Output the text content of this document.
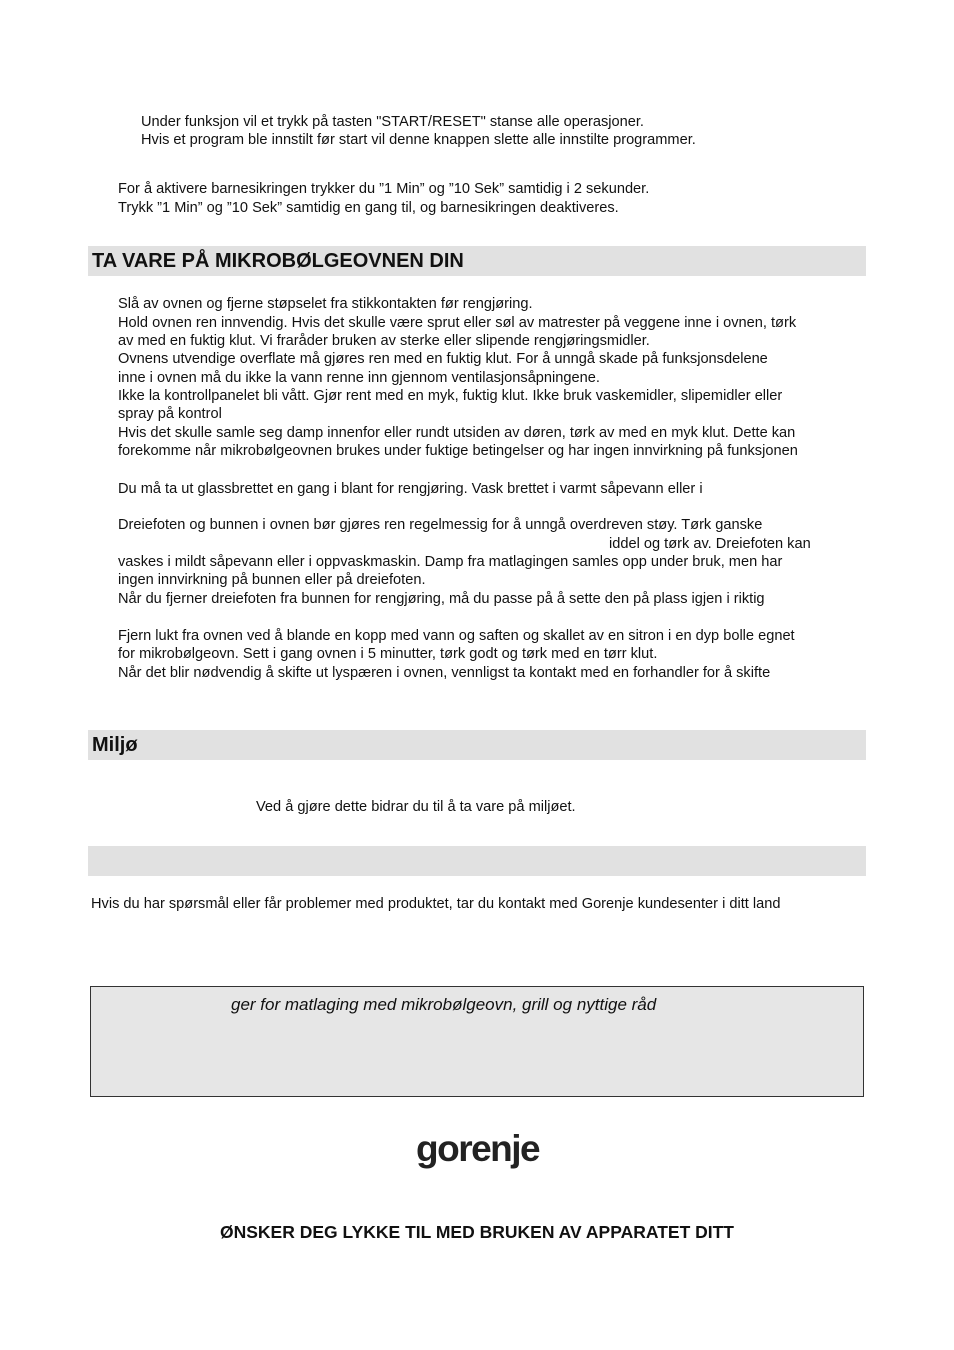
Under funksjon vil et trykk på tasten "START/RESET" stanse alle operasjoner.
Hvis et program ble innstilt før start vil denne knappen slette alle innstilte programmer.
For å aktivere barnesikringen trykker du ”1 Min” og ”10 Sek” samtidig i 2 sekunder.
Trykk ”1 Min” og ”10 Sek” samtidig en gang til, og barnesikringen deaktiveres.
TA VARE PÅ MIKROBØLGEOVNEN DIN
Slå av ovnen og fjerne støpselet fra stikkontakten før rengjøring.
Hold ovnen ren innvendig. Hvis det skulle være sprut eller søl av matrester på veggene inne i ovnen, tørk
av med en fuktig klut. Vi fraråder bruken av sterke eller slipende rengjøringsmidler.
Ovnens utvendige overflate må gjøres ren med en fuktig klut. For å unngå skade på funksjonsdelene
inne i ovnen må du ikke la vann renne inn gjennom ventilasjonsåpningene.
Ikke la kontrollpanelet bli vått. Gjør rent med en myk, fuktig klut. Ikke bruk vaskemidler, slipemidler eller
spray på kontrol
Hvis det skulle samle seg damp innenfor eller rundt utsiden av døren, tørk av med en myk klut. Dette kan
forekomme når mikrobølgeovnen brukes under fuktige betingelser og har ingen innvirkning på funksjonen
Du må ta ut glassbrettet en gang i blant for rengjøring. Vask brettet i varmt såpevann eller i
Dreiefoten og bunnen i ovnen bør gjøres ren regelmessig for å unngå overdreven støy. Tørk ganske
iddel og tørk av. Dreiefoten kan
vaskes i mildt såpevann eller i oppvaskmaskin. Damp fra matlagingen samles opp under bruk, men har
ingen innvirkning på bunnen eller på dreiefoten.
Når du fjerner dreiefoten fra bunnen for rengjøring, må du passe på å sette den på plass igjen i riktig
Fjern lukt fra ovnen ved å blande en kopp med vann og saften og skallet av en sitron i en dyp bolle egnet
for mikrobølgeovn. Sett i gang ovnen i 5 minutter, tørk godt og tørk med en tørr klut.
Når det blir nødvendig å skifte ut lyspæren i ovnen, vennligst ta kontakt med en forhandler for å skifte
Miljø
Ved å gjøre dette bidrar du til å ta vare på miljøet.
Hvis du har spørsmål eller får problemer med produktet, tar du kontakt med Gorenje kundesenter i ditt land
ger for matlaging med mikrobølgeovn, grill og nyttige råd
gorenje
ØNSKER DEG LYKKE TIL MED BRUKEN AV APPARATET DITT
